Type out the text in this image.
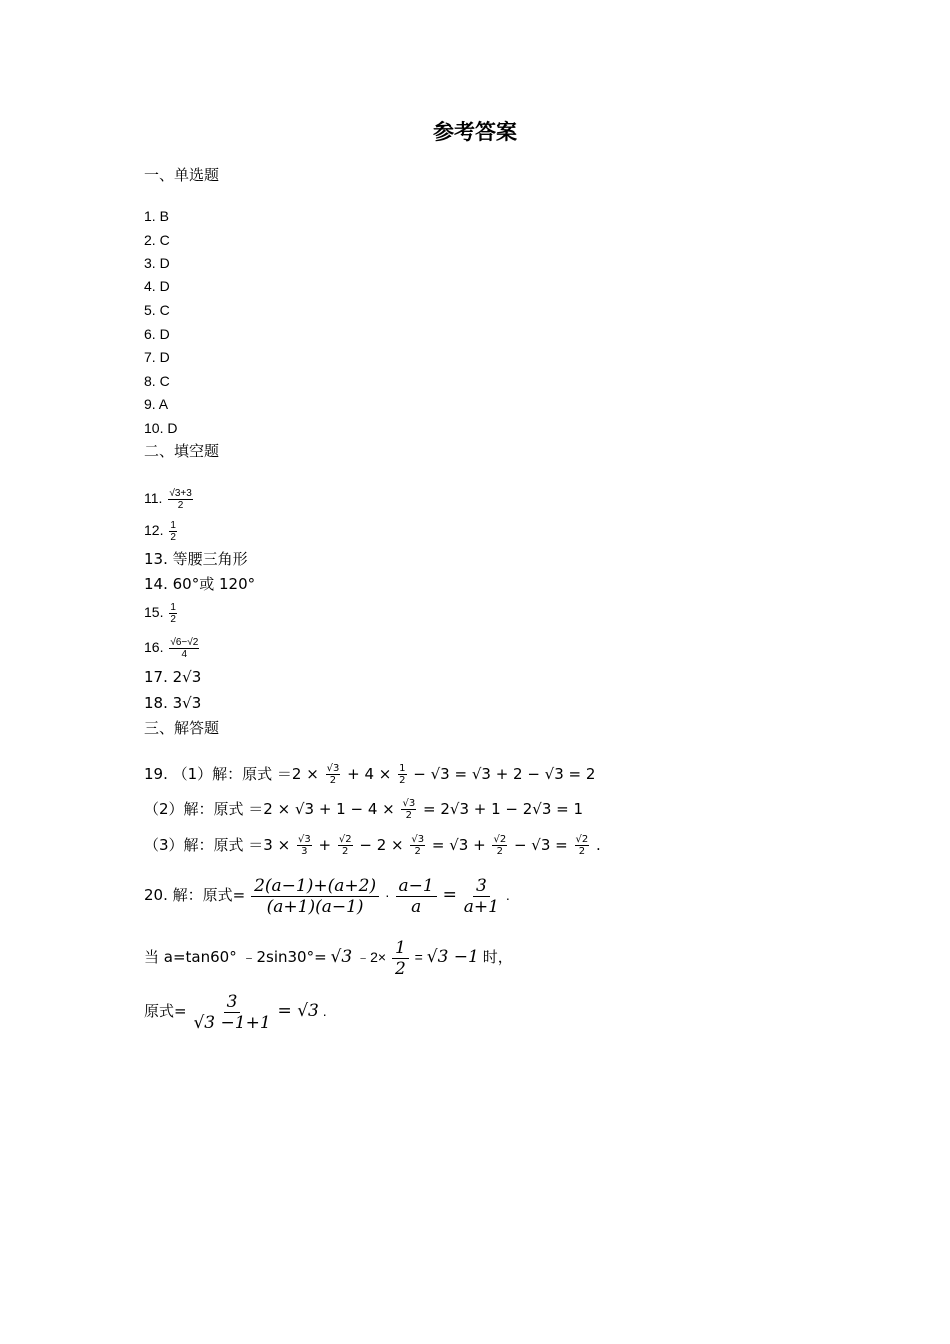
参考答案
一、单选题
1. B
2. C
3. D
4. D
5. C
6. D
7. D
8. C
9. A
10. D
二、填空题
11. $\frac{√3+3}{2}$
12. $\frac{1}{2}$
13. 等腰三角形
14. 60°或 120°
15. $\frac{1}{2}$
16. $\frac{√6-√2}{4}$
17. 2√3
18. 3√3
三、解答题
19. （1）解：原式 $=2 \times \frac{√3}{2} + 4 \times \frac{1}{2} - √3 = √3 + 2 - √3 = 2$
（2）解：原式 $=2 \times √3 + 1 - 4 \times \frac{√3}{2} = 2√3 + 1 - 2√3 = 1$
（3）解：原式 $=3 \times \frac{√3}{3} + \frac{√2}{2} - 2 \times \frac{√3}{2} = √3 + \frac{√2}{2} - √3 = \frac{√2}{2}$ .
20. 解：原式= $\frac{2(a-1)+(a+2)}{(a+1)(a-1)} \cdot \frac{a-1}{a} = \frac{3}{a+1}$ .
当 a=tan60° ﹣2sin30°= √3 ﹣2× $\frac{1}{2} = √3 -1$ 时，
原式= $\frac{3}{√3 -1+1} = √3$ .
